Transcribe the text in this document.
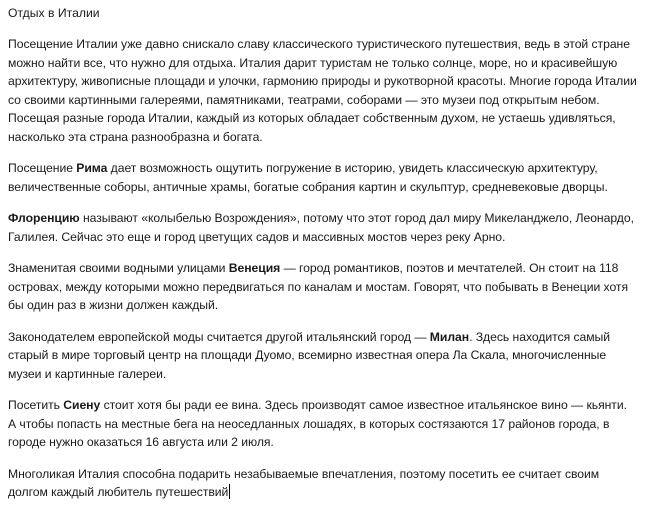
Отдых в Италии

Посещение Италии уже давно снискало славу классического туристического путешествия, ведь в этой стране можно найти все, что нужно для отдыха. Италия дарит туристам не только солнце, море, но и красивейшую архитектуру, живописные площади и улочки, гармонию природы и рукотворной красоты. Многие города Италии со своими картинными галереями, памятниками, театрами, соборами — это музеи под открытым небом. Посещая разные города Италии, каждый из которых обладает собственным духом, не устаешь удивляться, насколько эта страна разнообразна и богата.

Посещение Рима дает возможность ощутить погружение в историю, увидеть классическую архитектуру, величественные соборы, античные храмы, богатые собрания картин и скульптур, средневековые дворцы.

Флоренцию называют «колыбелью Возрождения», потому что этот город дал миру Микеланджело, Леонардо, Галилея. Сейчас это еще и город цветущих садов и массивных мостов через реку Арно.

Знаменитая своими водными улицами Венеция — город романтиков, поэтов и мечтателей. Он стоит на 118 островах, между которыми можно передвигаться по каналам и мостам. Говорят, что побывать в Венеции хотя бы один раз в жизни должен каждый.

Законодателем европейской моды считается другой итальянский город — Милан. Здесь находится самый старый в мире торговый центр на площади Дуомо, всемирно известная опера Ла Скала, многочисленные музеи и картинные галереи.

Посетить Сиену стоит хотя бы ради ее вина. Здесь производят самое известное итальянское вино — кьянти. А чтобы попасть на местные бега на неоседланных лошадях, в которых состязаются 17 районов города, в городе нужно оказаться 16 августа или 2 июля.

Многоликая Италия способна подарить незабываемые впечатления, поэтому посетить ее считает своим долгом каждый любитель путешествий
